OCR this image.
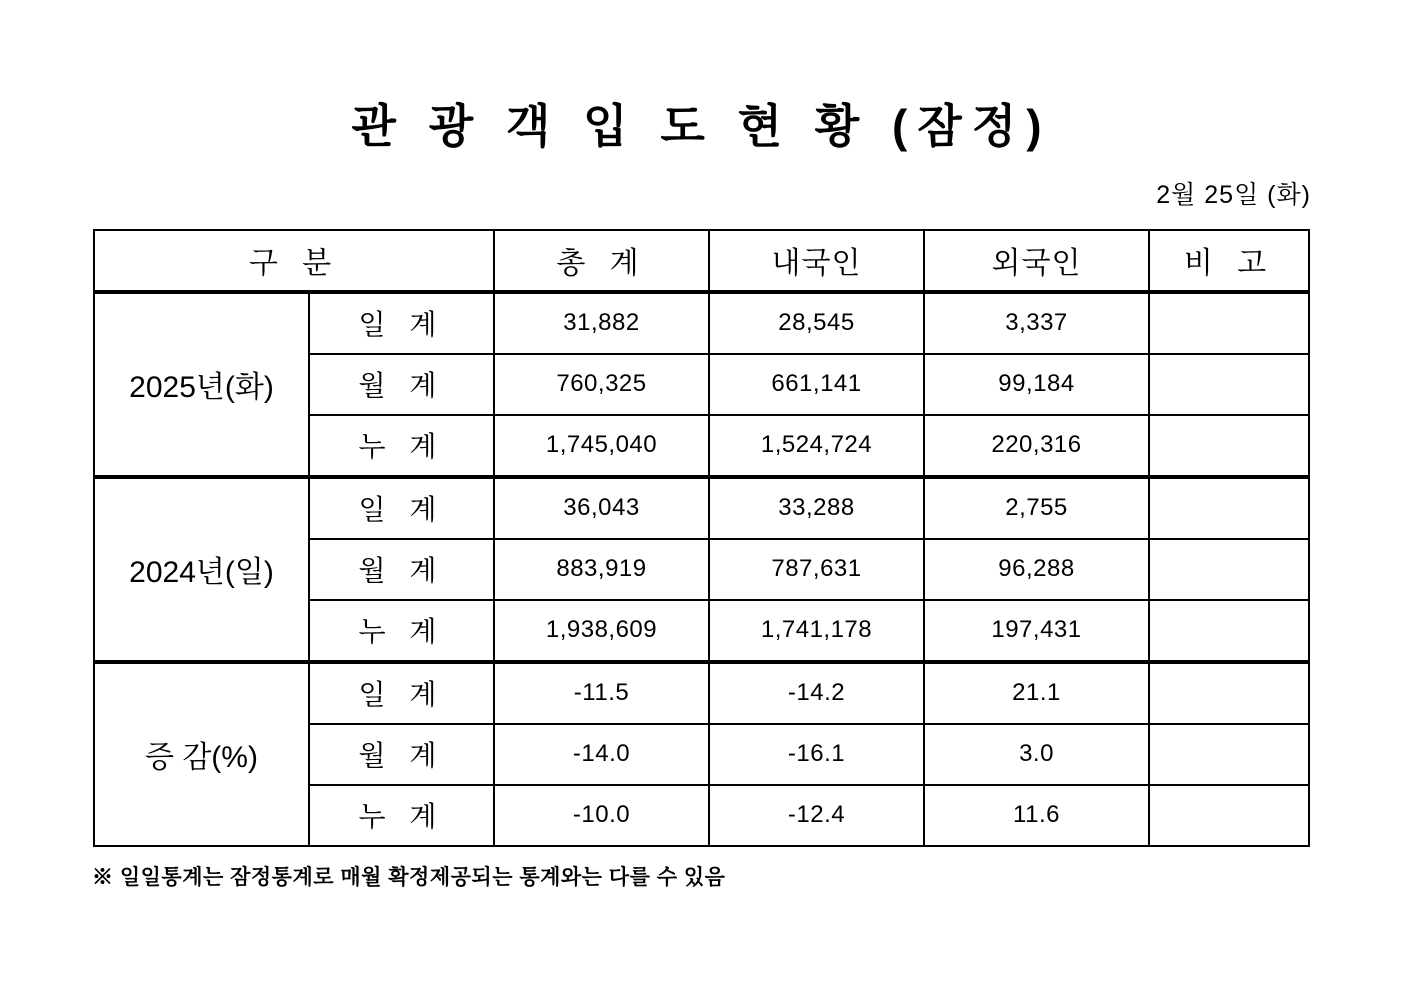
관 광 객 입 도 현 황 (잠정)
2월 25일 (화)
구 분		총 계	내국인	외국인	비 고
2025년(화)	일 계	31,882	28,545	3,337	
	월 계	760,325	661,141	99,184	
	누 계	1,745,040	1,524,724	220,316	
2024년(일)	일 계	36,043	33,288	2,755	
	월 계	883,919	787,631	96,288	
	누 계	1,938,609	1,741,178	197,431	
증 감(%)	일 계	-11.5	-14.2	21.1	
	월 계	-14.0	-16.1	3.0	
	누 계	-10.0	-12.4	11.6	
※ 일일통계는 잠정통계로 매월 확정제공되는 통계와는 다를 수 있음
